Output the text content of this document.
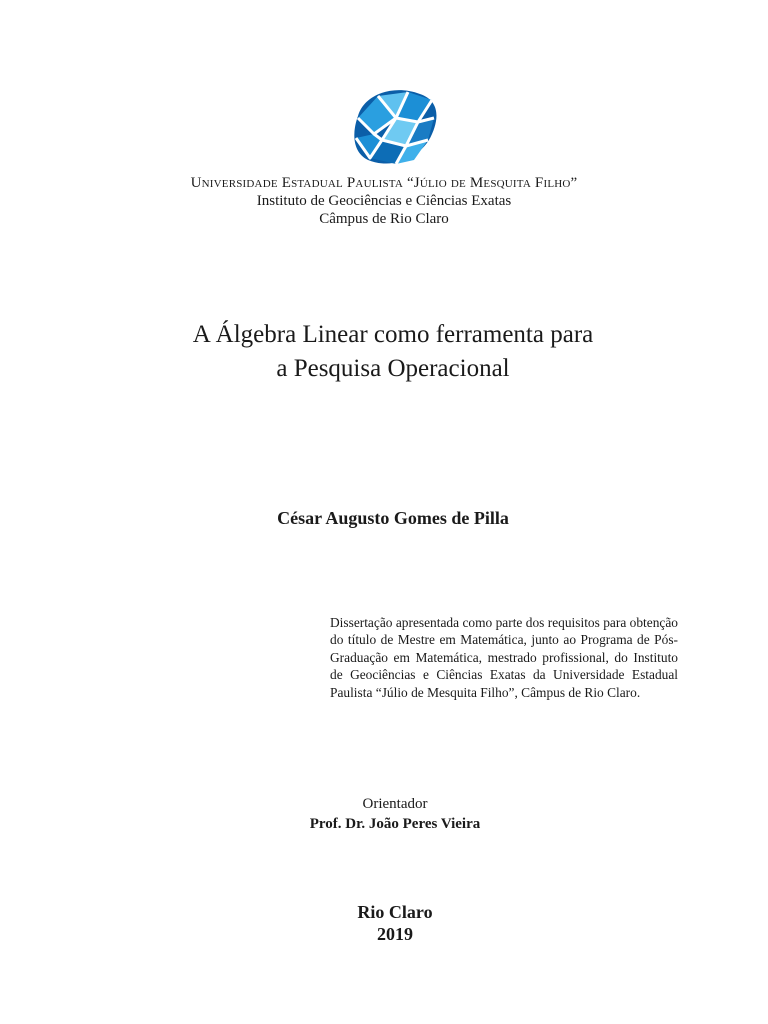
Universidade Estadual Paulista “Júlio de Mesquita Filho”
Instituto de Geociências e Ciências Exatas
Câmpus de Rio Claro
A Álgebra Linear como ferramenta para
a Pesquisa Operacional
César Augusto Gomes de Pilla
Dissertação apresentada como parte dos requisitos para obtenção do título de Mestre em Matemática, junto ao Programa de Pós-Graduação em Matemática, mestrado profissional, do Instituto de Geociências e Ciências Exatas da Universidade Estadual Paulista “Júlio de Mesquita Filho”, Câmpus de Rio Claro.
Orientador
Prof. Dr. João Peres Vieira
Rio Claro
2019
